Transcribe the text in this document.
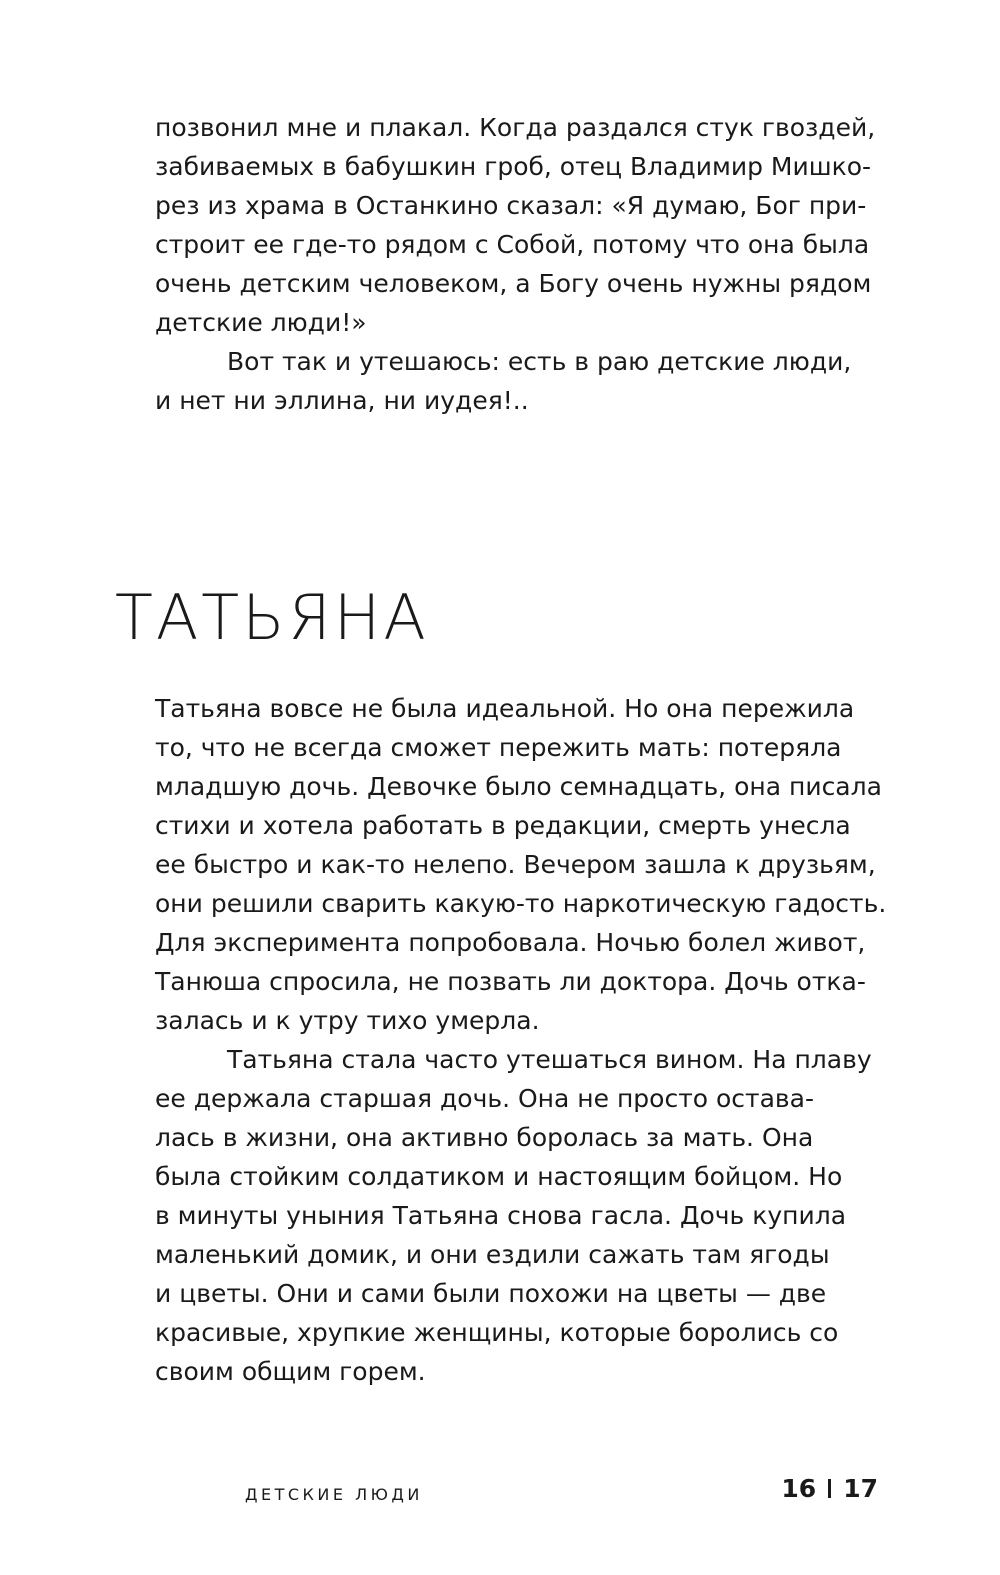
позвонил мне и плакал. Когда раздался стук гвоздей,
забиваемых в бабушкин гроб, отец Владимир Мишко-
рез из храма в Останкино сказал: «Я думаю, Бог при-
строит ее где-то рядом с Собой, потому что она была
очень детским человеком, а Богу очень нужны рядом
детские люди!»
Вот так и утешаюсь: есть в раю детские люди,
и нет ни эллина, ни иудея!..
ТАТЬЯНА
Татьяна вовсе не была идеальной. Но она пережила
то, что не всегда сможет пережить мать: потеряла
младшую дочь. Девочке было семнадцать, она писала
стихи и хотела работать в редакции, смерть унесла
ее быстро и как-то нелепо. Вечером зашла к друзьям,
они решили сварить какую-то наркотическую гадость.
Для эксперимента попробовала. Ночью болел живот,
Танюша спросила, не позвать ли доктора. Дочь отка-
залась и к утру тихо умерла.
Татьяна стала часто утешаться вином. На плаву
ее держала старшая дочь. Она не просто остава-
лась в жизни, она активно боролась за мать. Она
была стойким солдатиком и настоящим бойцом. Но
в минуты уныния Татьяна снова гасла. Дочь купила
маленький домик, и они ездили сажать там ягоды
и цветы. Они и сами были похожи на цветы — две
красивые, хрупкие женщины, которые боролись со
своим общим горем.
ДЕТСКИЕ ЛЮДИ	16 17
